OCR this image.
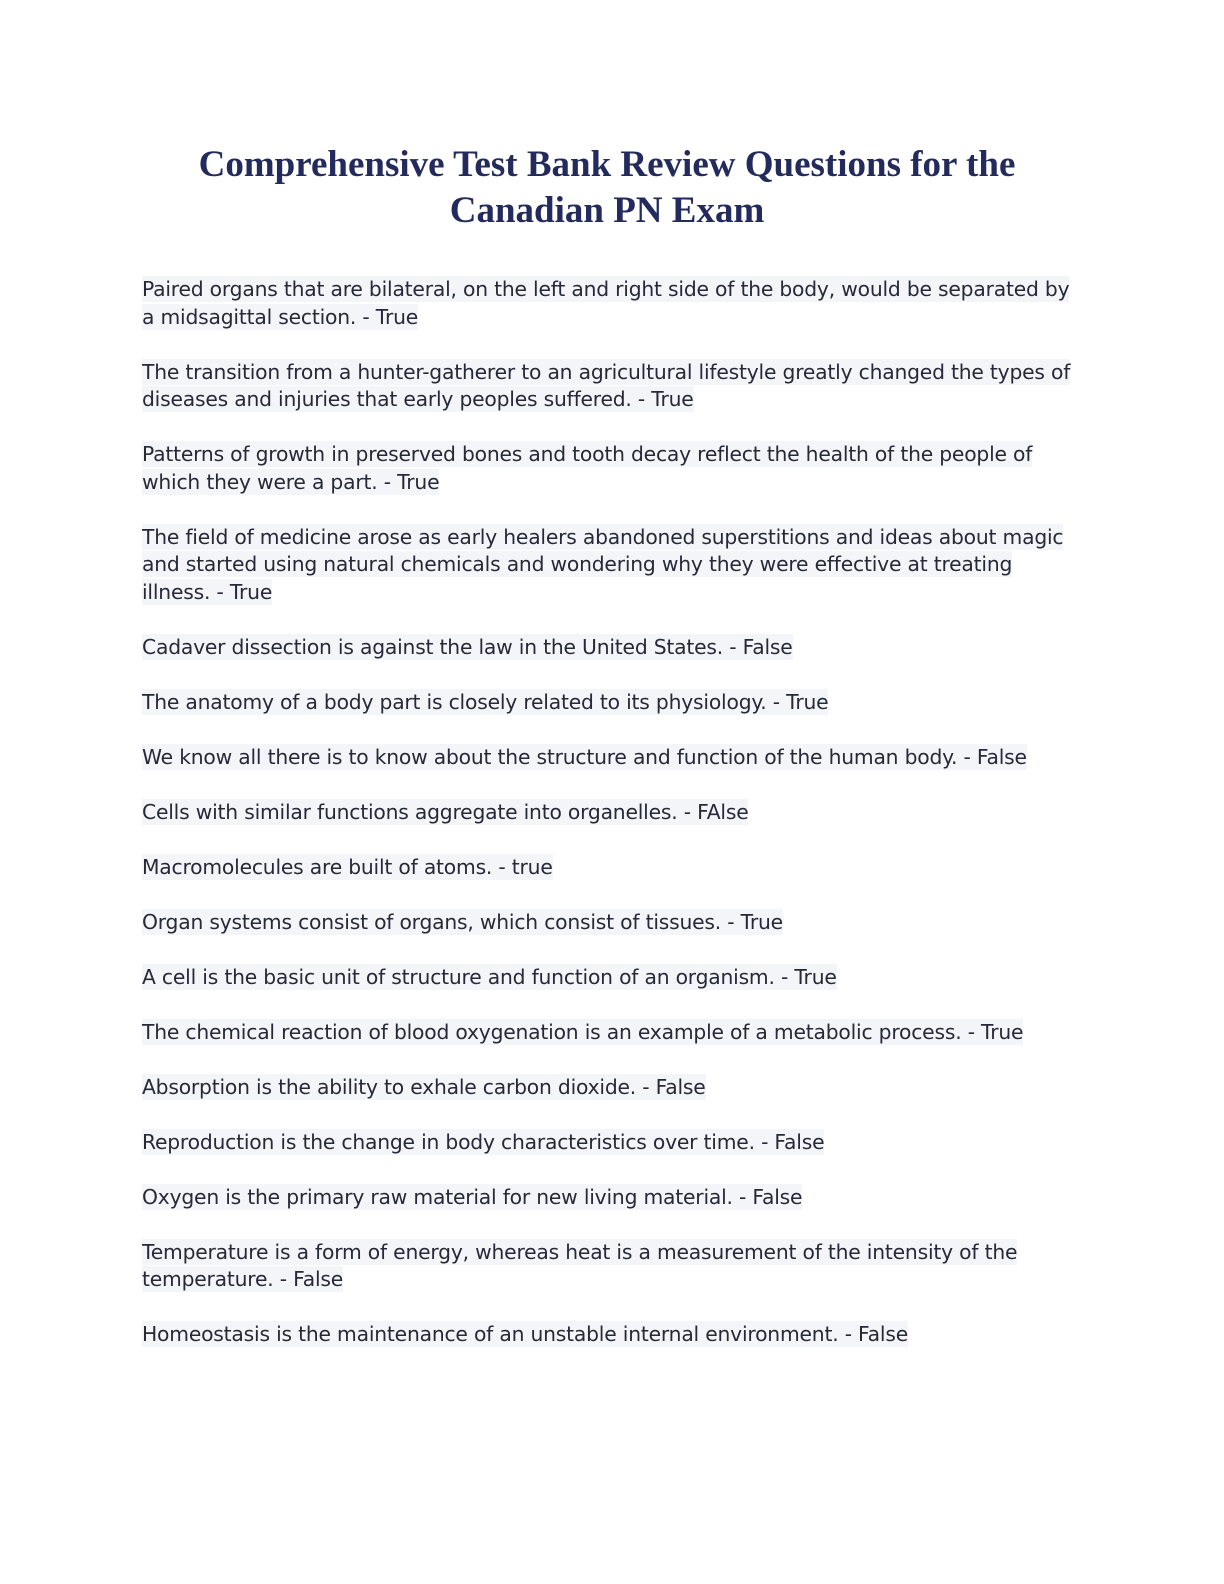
Comprehensive Test Bank Review Questions for the Canadian PN Exam

Paired organs that are bilateral, on the left and right side of the body, would be separated by a midsagittal section. - True

The transition from a hunter-gatherer to an agricultural lifestyle greatly changed the types of diseases and injuries that early peoples suffered. - True

Patterns of growth in preserved bones and tooth decay reflect the health of the people of which they were a part. - True

The field of medicine arose as early healers abandoned superstitions and ideas about magic and started using natural chemicals and wondering why they were effective at treating illness. - True

Cadaver dissection is against the law in the United States. - False

The anatomy of a body part is closely related to its physiology. - True

We know all there is to know about the structure and function of the human body. - False

Cells with similar functions aggregate into organelles. - FAlse

Macromolecules are built of atoms. - true

Organ systems consist of organs, which consist of tissues. - True

A cell is the basic unit of structure and function of an organism. - True

The chemical reaction of blood oxygenation is an example of a metabolic process. - True

Absorption is the ability to exhale carbon dioxide. - False

Reproduction is the change in body characteristics over time. - False

Oxygen is the primary raw material for new living material. - False

Temperature is a form of energy, whereas heat is a measurement of the intensity of the temperature. - False

Homeostasis is the maintenance of an unstable internal environment. - False
